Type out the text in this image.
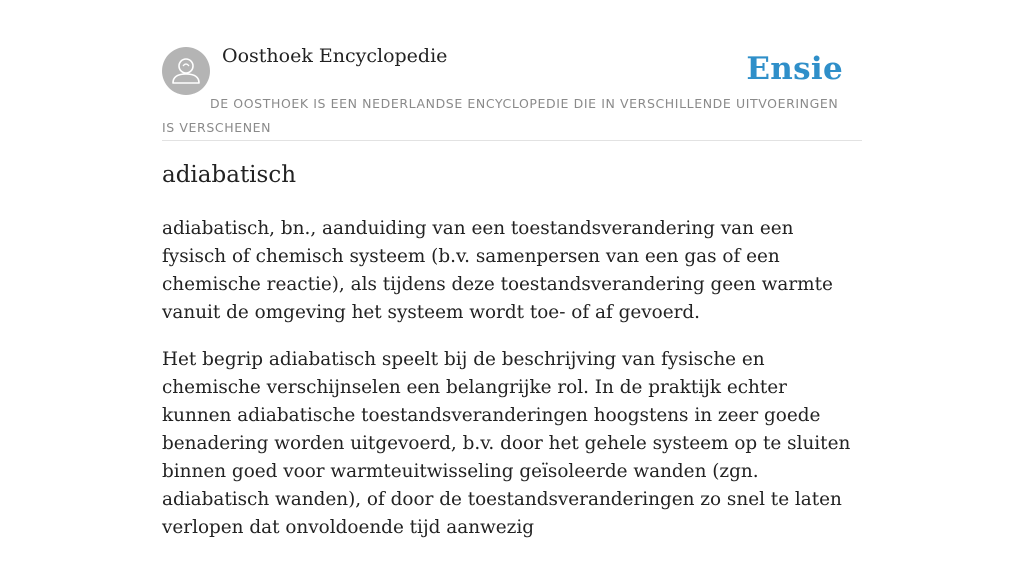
Oosthoek Encyclopedie	Ensie
DE OOSTHOEK IS EEN NEDERLANDSE ENCYCLOPEDIE DIE IN VERSCHILLENDE UITVOERINGEN IS VERSCHENEN
adiabatisch

adiabatisch, bn., aanduiding van een toestandsverandering van een fysisch of chemisch systeem (b.v. samenpersen van een gas of een chemische reactie), als tijdens deze toestandsverandering geen warmte vanuit de omgeving het systeem wordt toe- of af gevoerd.

Het begrip adiabatisch speelt bij de beschrijving van fysische en chemische verschijnselen een belangrijke rol. In de praktijk echter kunnen adiabatische toestandsveranderingen hoogstens in zeer goede benadering worden uitgevoerd, b.v. door het gehele systeem op te sluiten binnen goed voor warmteuitwisseling geïsoleerde wanden (zgn. adiabatisch wanden), of door de toestandsveranderingen zo snel te laten verlopen dat onvoldoende tijd aanwezig
